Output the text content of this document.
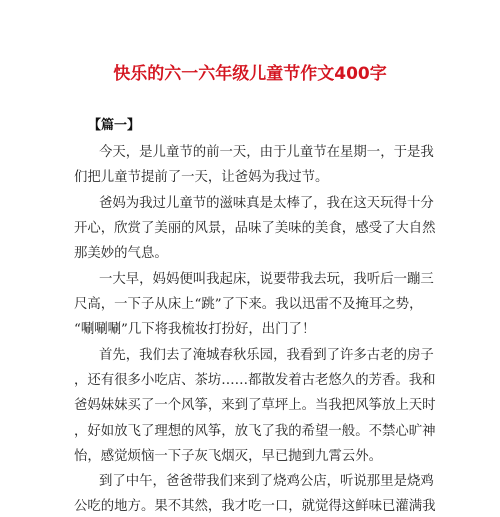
快乐的六一六年级儿童节作文400字
【篇一】
今天，是儿童节的前一天，由于儿童节在星期一，于是我
们把儿童节提前了一天，让爸妈为我过节。
爸妈为我过儿童节的滋味真是太棒了，我在这天玩得十分
开心，欣赏了美丽的风景，品味了美味的美食，感受了大自然
那美妙的气息。
一大早，妈妈便叫我起床，说要带我去玩，我听后一蹦三
尺高，一下子从床上“跳”了下来。我以迅雷不及掩耳之势，
“唰唰唰”几下将我梳妆打扮好，出门了！
首先，我们去了淹城春秋乐园，我看到了许多古老的房子
，还有很多小吃店、茶坊……都散发着古老悠久的芳香。我和
爸妈妹妹买了一个风筝，来到了草坪上。当我把风筝放上天时
，好如放飞了理想的风筝，放飞了我的希望一般。不禁心旷神
怡，感觉烦恼一下子灰飞烟灭，早已抛到九霄云外。
到了中午，爸爸带我们来到了烧鸡公店，听说那里是烧鸡
公吃的地方。果不其然，我才吃一口，就觉得这鲜味已灌满我
